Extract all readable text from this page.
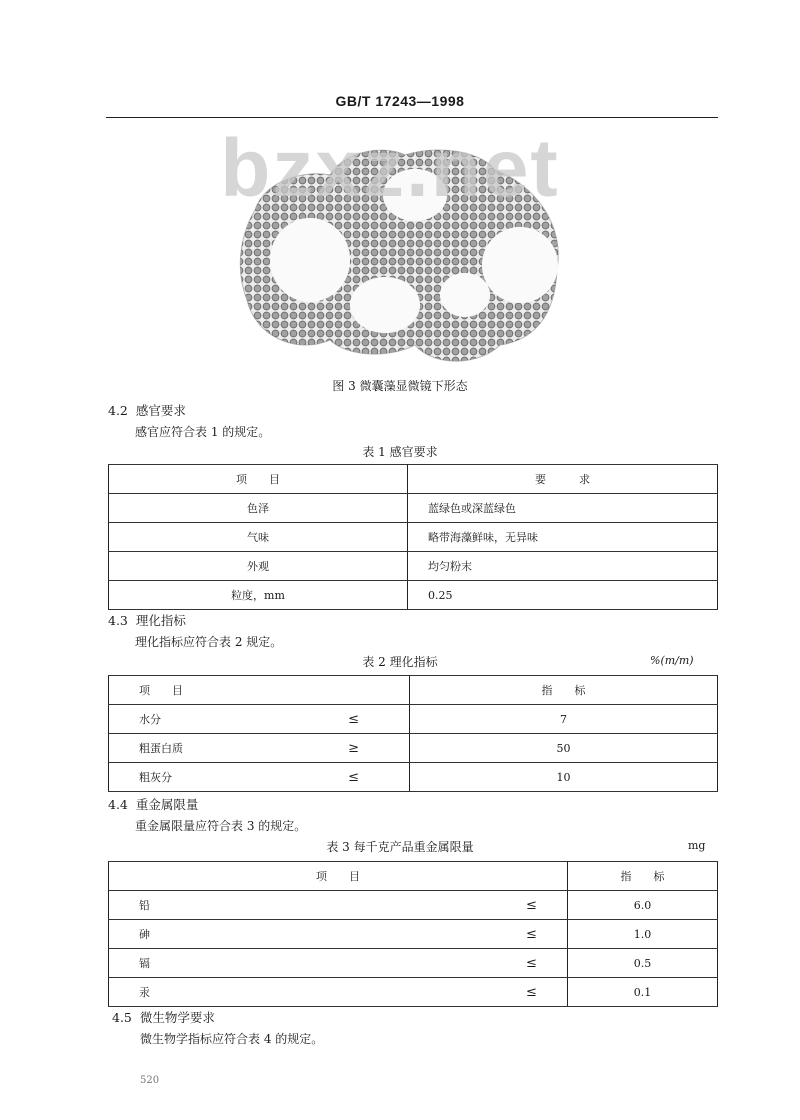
GB/T 17243—1998
bzxz.net
图 3 微囊藻显微镜下形态
4.2 感官要求
感官应符合表 1 的规定。
表 1 感官要求
项　　目	要　　　求
色泽	蓝绿色或深蓝绿色
气味	略带海藻鲜味，无异味
外观	均匀粉末
粒度，mm	0.25
4.3 理化指标
理化指标应符合表 2 规定。
表 2 理化指标	%(m/m)
项　　目		指　　标
水分	≤	7
粗蛋白质	≥	50
粗灰分	≤	10
4.4 重金属限量
重金属限量应符合表 3 的规定。
表 3 每千克产品重金属限量	mg
项　　目		指　　标
铅	≤	6.0
砷	≤	1.0
镉	≤	0.5
汞	≤	0.1
4.5 微生物学要求
微生物学指标应符合表 4 的规定。
520
